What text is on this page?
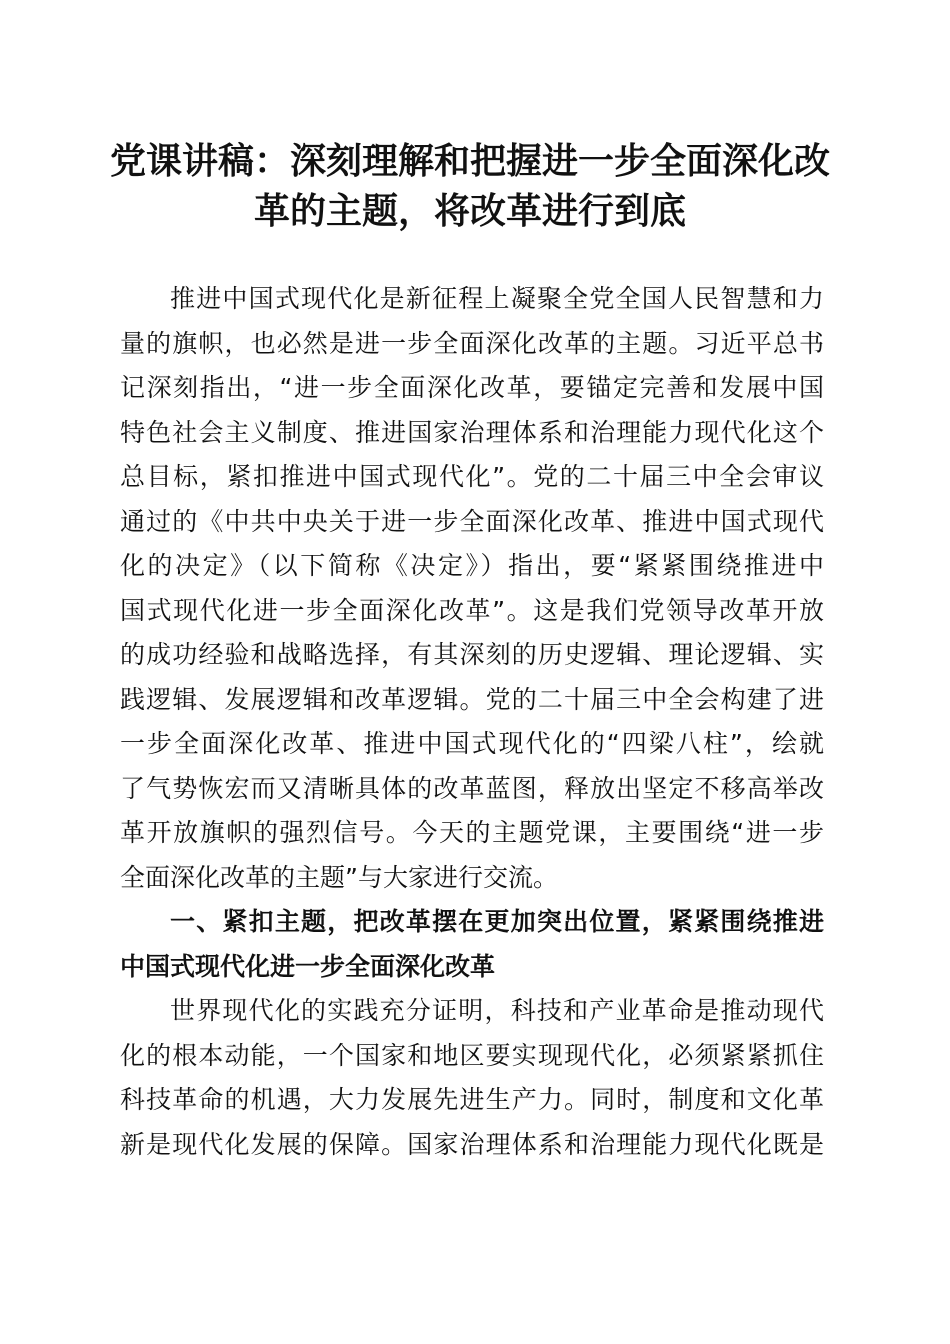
党课讲稿：深刻理解和把握进一步全面深化改
革的主题，将改革进行到底
推进中国式现代化是新征程上凝聚全党全国人民智慧和力
量的旗帜，也必然是进一步全面深化改革的主题。习近平总书
记深刻指出，“进一步全面深化改革，要锚定完善和发展中国
特色社会主义制度、推进国家治理体系和治理能力现代化这个
总目标，紧扣推进中国式现代化”。党的二十届三中全会审议
通过的《中共中央关于进一步全面深化改革、推进中国式现代
化的决定》（以下简称《决定》）指出，要“紧紧围绕推进中
国式现代化进一步全面深化改革”。这是我们党领导改革开放
的成功经验和战略选择，有其深刻的历史逻辑、理论逻辑、实
践逻辑、发展逻辑和改革逻辑。党的二十届三中全会构建了进
一步全面深化改革、推进中国式现代化的“四梁八柱”，绘就
了气势恢宏而又清晰具体的改革蓝图，释放出坚定不移高举改
革开放旗帜的强烈信号。今天的主题党课，主要围绕“进一步
全面深化改革的主题”与大家进行交流。
一、紧扣主题，把改革摆在更加突出位置，紧紧围绕推进
中国式现代化进一步全面深化改革
世界现代化的实践充分证明，科技和产业革命是推动现代
化的根本动能，一个国家和地区要实现现代化，必须紧紧抓住
科技革命的机遇，大力发展先进生产力。同时，制度和文化革
新是现代化发展的保障。国家治理体系和治理能力现代化既是
